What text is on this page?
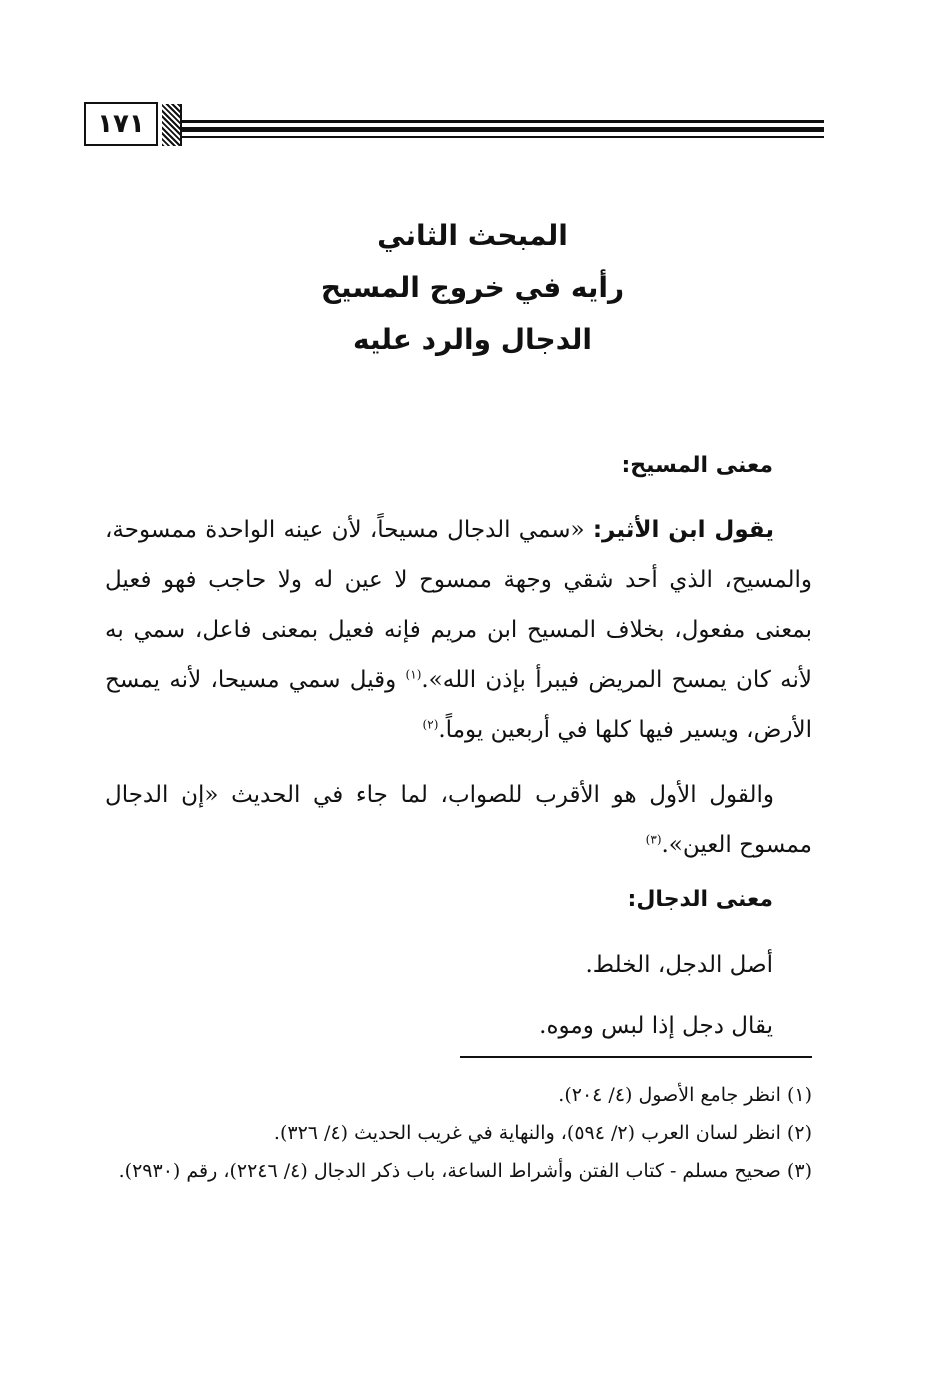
١٧١

المبحث الثاني

رأيه في خروج المسيح

الدجال والرد عليه

معنى المسيح:

يقول ابن الأثير: «سمي الدجال مسيحاً، لأن عينه الواحدة ممسوحة، والمسيح، الذي أحد شقي وجهة ممسوح لا عين له ولا حاجب فهو فعيل بمعنى مفعول، بخلاف المسيح ابن مريم فإنه فعيل بمعنى فاعل، سمي به لأنه كان يمسح المريض فيبرأ بإذن الله».$^{(١)}$ وقيل سمي مسيحا، لأنه يمسح الأرض، ويسير فيها كلها في أربعين يوماً.$^{(٢)}$

والقول الأول هو الأقرب للصواب، لما جاء في الحديث «إن الدجال ممسوح العين».$^{(٣)}$

معنى الدجال:
أصل الدجل، الخلط.
يقال دجل إذا لبس وموه.

(١) انظر جامع الأصول (٤/ ٢٠٤).

(٢) انظر لسان العرب (٢/ ٥٩٤)، والنهاية في غريب الحديث (٤/ ٣٢٦).

(٣) صحيح مسلم - كتاب الفتن وأشراط الساعة، باب ذكر الدجال (٤/ ٢٢٤٦)، رقم (٢٩٣٠).
